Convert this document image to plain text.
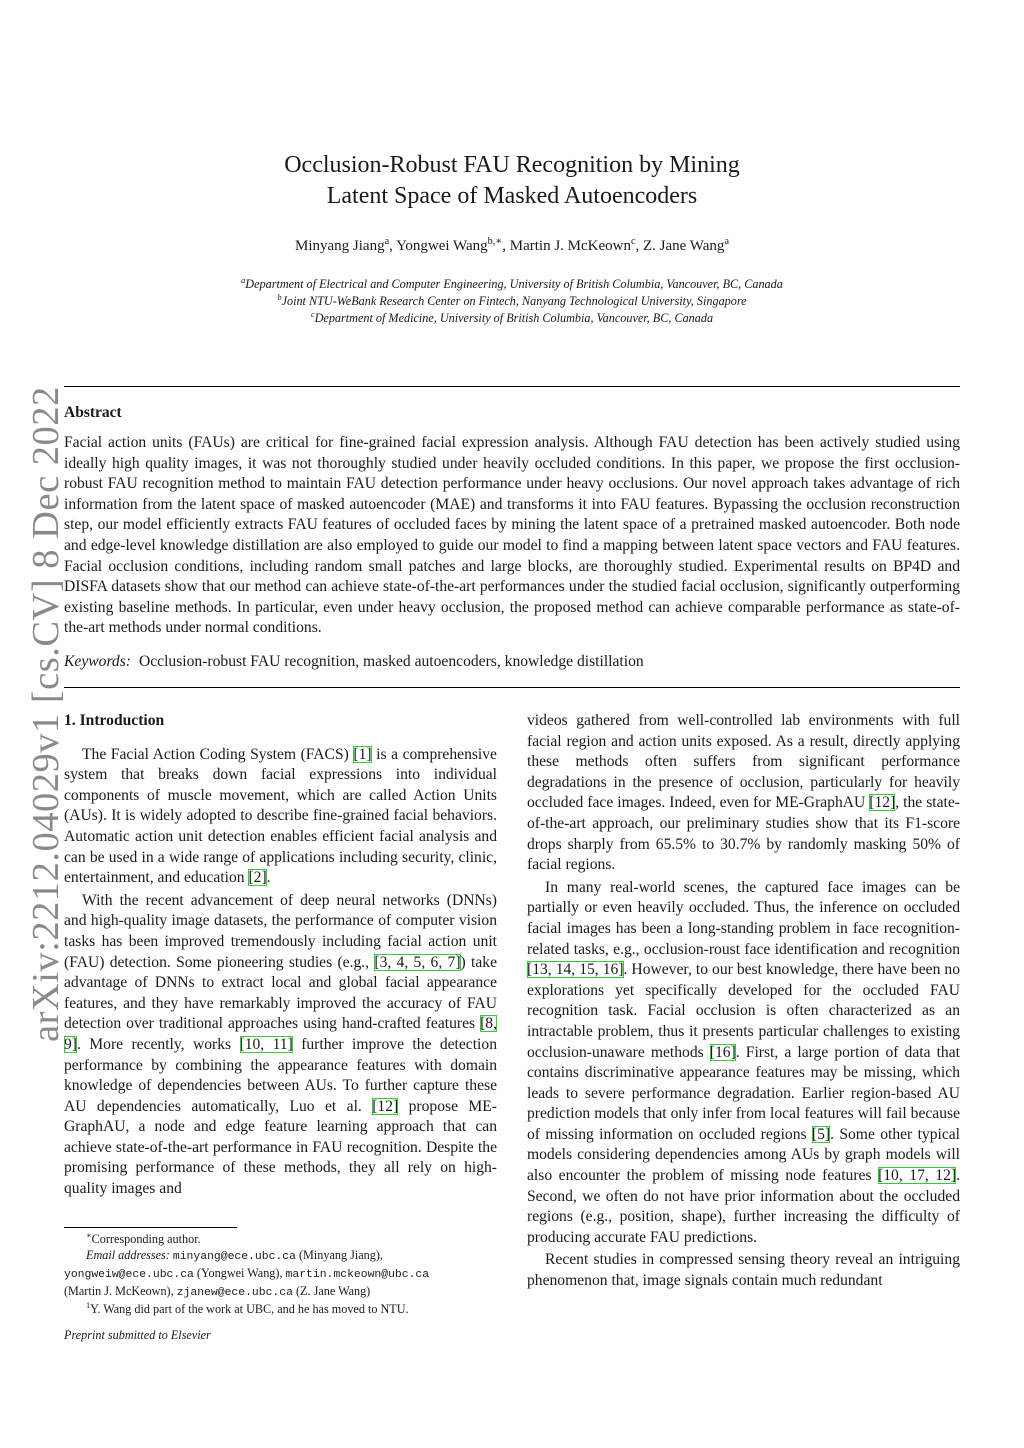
arXiv:2212.04029v1 [cs.CV] 8 Dec 2022
Occlusion-Robust FAU Recognition by Mining
Latent Space of Masked Autoencoders
Minyang Jiang$^a$, Yongwei Wang$^{b,∗}$, Martin J. McKeown$^c$, Z. Jane Wang$^a$
$^a$Department of Electrical and Computer Engineering, University of British Columbia, Vancouver, BC, Canada
$^b$Joint NTU-WeBank Research Center on Fintech, Nanyang Technological University, Singapore
$^c$Department of Medicine, University of British Columbia, Vancouver, BC, Canada
Abstract
Facial action units (FAUs) are critical for fine-grained facial expression analysis. Although FAU detection has been actively studied using ideally high quality images, it was not thoroughly studied under heavily occluded conditions. In this paper, we propose the first occlusion-robust FAU recognition method to maintain FAU detection performance under heavy occlusions. Our novel approach takes advantage of rich information from the latent space of masked autoencoder (MAE) and transforms it into FAU features. Bypassing the occlusion reconstruction step, our model efficiently extracts FAU features of occluded faces by mining the latent space of a pretrained masked autoencoder. Both node and edge-level knowledge distillation are also employed to guide our model to find a mapping between latent space vectors and FAU features. Facial occlusion conditions, including random small patches and large blocks, are thoroughly studied. Experimental results on BP4D and DISFA datasets show that our method can achieve state-of-the-art performances under the studied facial occlusion, significantly outperforming existing baseline methods. In particular, even under heavy occlusion, the proposed method can achieve comparable performance as state-of-the-art methods under normal conditions.
Keywords: Occlusion-robust FAU recognition, masked autoencoders, knowledge distillation
1. Introduction

The Facial Action Coding System (FACS) [1] is a comprehensive system that breaks down facial expressions into individual components of muscle movement, which are called Action Units (AUs). It is widely adopted to describe fine-grained facial behaviors. Automatic action unit detection enables efficient facial analysis and can be used in a wide range of applications including security, clinic, entertainment, and education [2].

With the recent advancement of deep neural networks (DNNs) and high-quality image datasets, the performance of computer vision tasks has been improved tremendously including facial action unit (FAU) detection. Some pioneering studies (e.g., [3, 4, 5, 6, 7]) take advantage of DNNs to extract local and global facial appearance features, and they have remarkably improved the accuracy of FAU detection over traditional approaches using hand-crafted features [8, 9]. More recently, works [10, 11] further improve the detection performance by combining the appearance features with domain knowledge of dependencies between AUs. To further capture these AU dependencies automatically, Luo et al. [12] propose ME-GraphAU, a node and edge feature learning approach that can achieve state-of-the-art performance in FAU recognition. Despite the promising performance of these methods, they all rely on high-quality images and

videos gathered from well-controlled lab environments with full facial region and action units exposed. As a result, directly applying these methods often suffers from significant performance degradations in the presence of occlusion, particularly for heavily occluded face images. Indeed, even for ME-GraphAU [12], the state-of-the-art approach, our preliminary studies show that its F1-score drops sharply from 65.5% to 30.7% by randomly masking 50% of facial regions.

In many real-world scenes, the captured face images can be partially or even heavily occluded. Thus, the inference on occluded facial images has been a long-standing problem in face recognition-related tasks, e.g., occlusion-roust face identification and recognition [13, 14, 15, 16]. However, to our best knowledge, there have been no explorations yet specifically developed for the occluded FAU recognition task. Facial occlusion is often characterized as an intractable problem, thus it presents particular challenges to existing occlusion-unaware methods [16]. First, a large portion of data that contains discriminative appearance features may be missing, which leads to severe performance degradation. Earlier region-based AU prediction models that only infer from local features will fail because of missing information on occluded regions [5]. Some other typical models considering dependencies among AUs by graph models will also encounter the problem of missing node features [10, 17, 12]. Second, we often do not have prior information about the occluded regions (e.g., position, shape), further increasing the difficulty of producing accurate FAU predictions.

Recent studies in compressed sensing theory reveal an intriguing phenomenon that, image signals contain much redundant

∗Corresponding author.
Email addresses: minyang@ece.ubc.ca (Minyang Jiang),
yongweiw@ece.ubc.ca (Yongwei Wang), martin.mckeown@ubc.ca
(Martin J. McKeown), zjanew@ece.ubc.ca (Z. Jane Wang)
$^1$Y. Wang did part of the work at UBC, and he has moved to NTU.
Preprint submitted to Elsevier
